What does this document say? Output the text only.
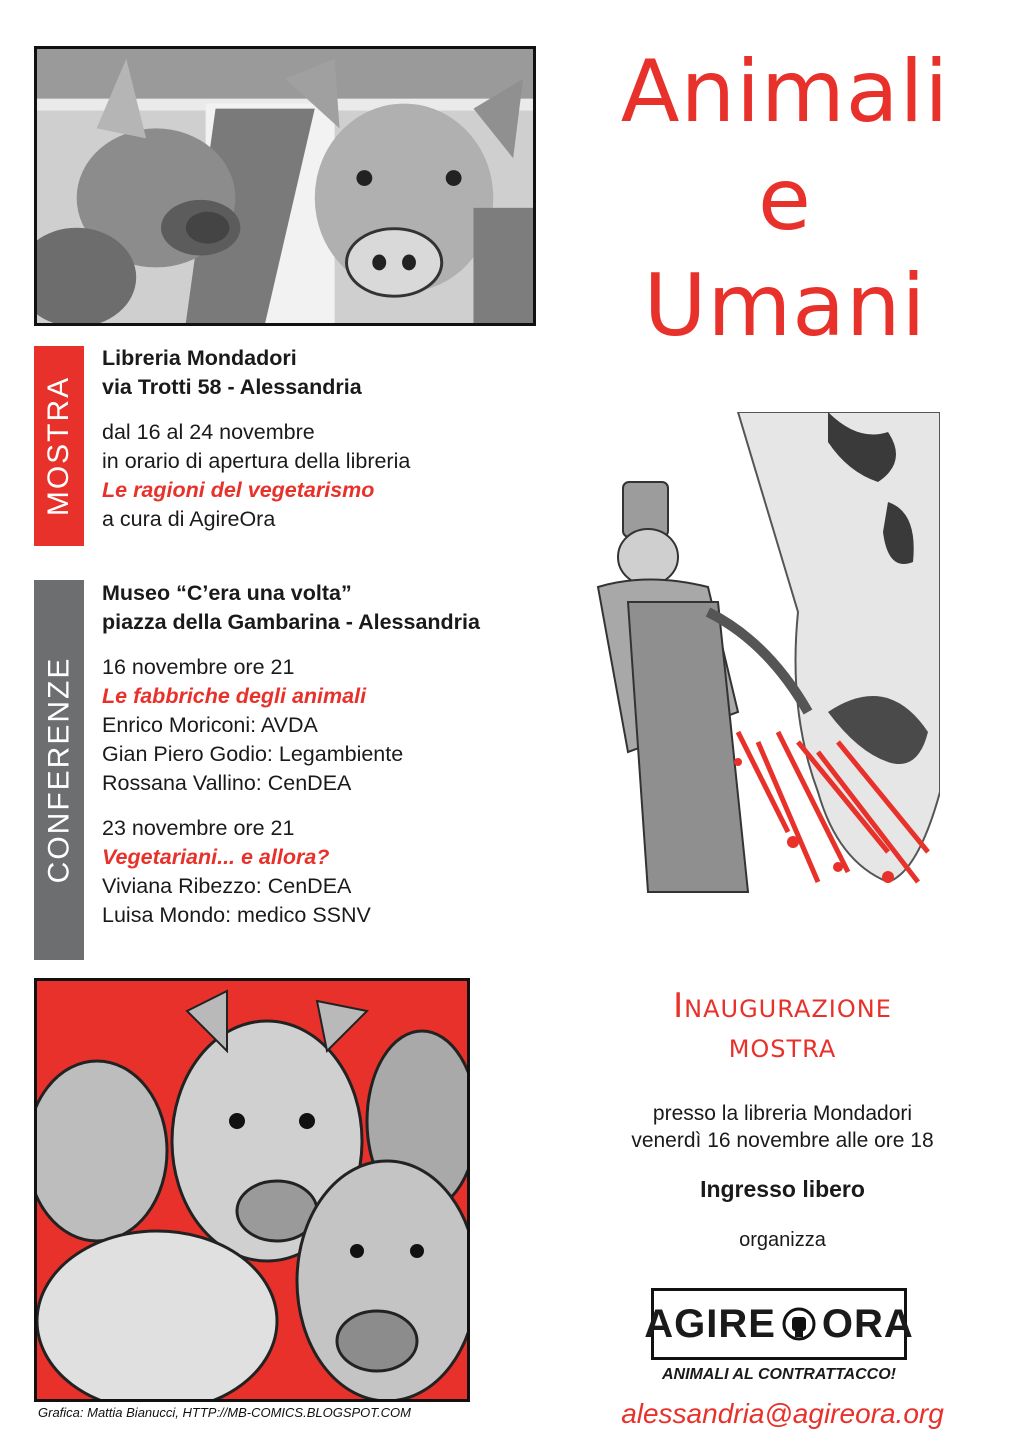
Animali
e
Umani
MOSTRA
Libreria Mondadori
via Trotti 58 - Alessandria
dal 16 al 24 novembre
in orario di apertura della libreria
Le ragioni del vegetarismo
a cura di AgireOra
CONFERENZE
Museo “C’era una volta”
piazza della Gambarina - Alessandria
16 novembre ore 21
Le fabbriche degli animali
Enrico Moriconi: AVDA
Gian Piero Godio: Legambiente
Rossana Vallino: CenDEA
23 novembre ore 21
Vegetariani... e allora?
Viviana Ribezzo: CenDEA
Luisa Mondo: medico SSNV
Grafica: Mattia Bianucci, HTTP://MB-COMICS.BLOGSPOT.COM
Inaugurazione
mostra
presso la libreria Mondadori
venerdì 16 novembre alle ore 18
Ingresso libero
organizza
AGIRE ORA
ANIMALI AL CONTRATTACCO!
alessandria@agireora.org
